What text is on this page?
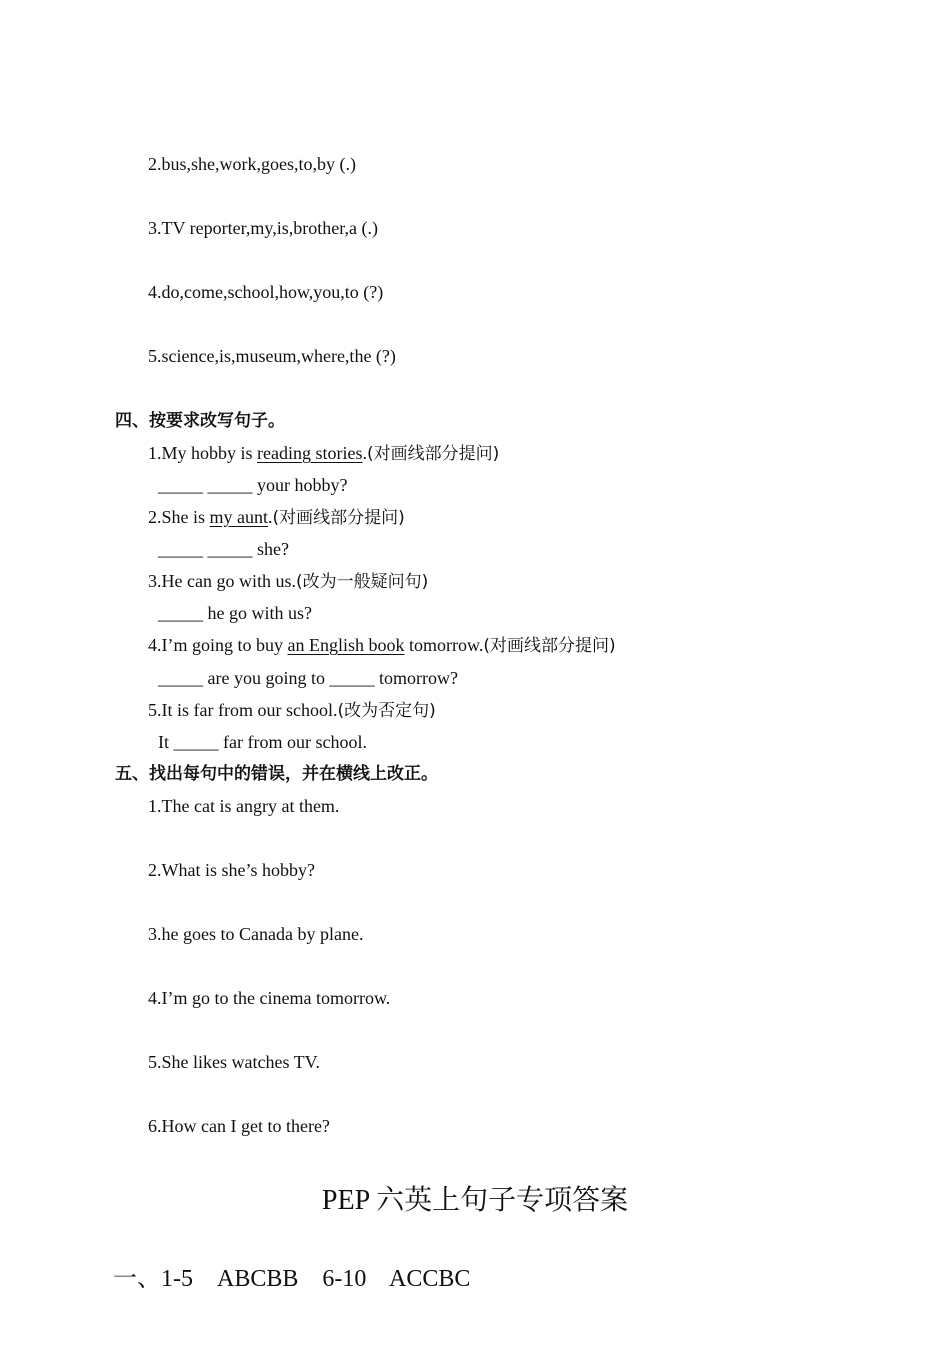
2.bus,she,work,goes,to,by (.)
3.TV reporter,my,is,brother,a (.)
4.do,come,school,how,you,to (?)
5.science,is,museum,where,the (?)
四、按要求改写句子。
1.My hobby is reading stories.(对画线部分提问)
_____ _____ your hobby?
2.She is my aunt.(对画线部分提问)
_____ _____ she?
3.He can go with us.(改为一般疑问句)
_____ he go with us?
4.I’m going to buy an English book tomorrow.(对画线部分提问)
_____ are you going to _____ tomorrow?
5.It is far from our school.(改为否定句)
It _____ far from our school.
五、找出每句中的错误，并在横线上改正。
1.The cat is angry at them.
2.What is she’s hobby?
3.he goes to Canada by plane.
4.I’m go to the cinema tomorrow.
5.She likes watches TV.
6.How can I get to there?
PEP 六英上句子专项答案
一、1-5    ABCBB    6-10    ACCBC
